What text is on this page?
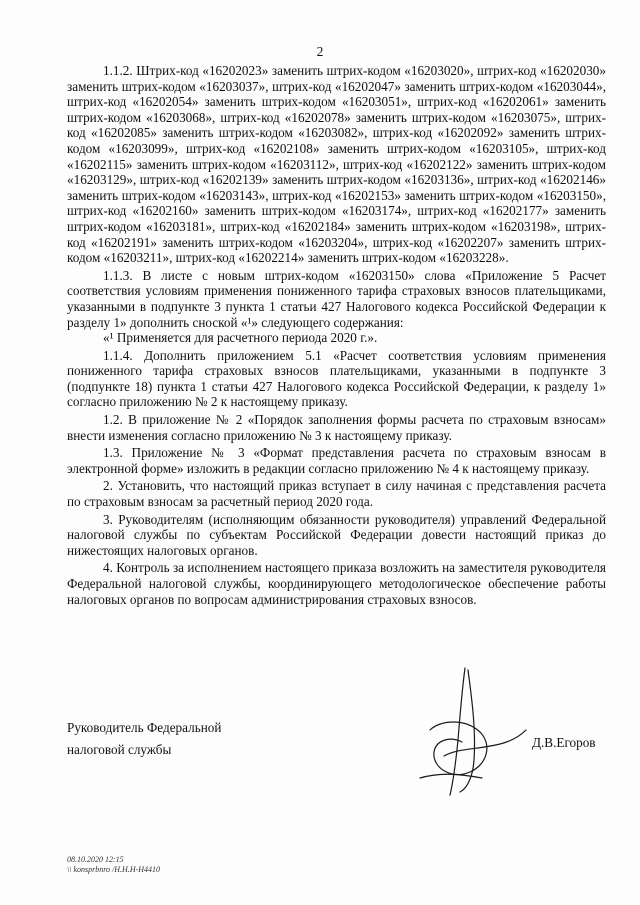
2

1.1.2. Штрих-код «16202023» заменить штрих-кодом «16203020», штрих-код «16202030» заменить штрих-кодом «16203037», штрих-код «16202047» заменить штрих-кодом «16203044», штрих-код «16202054» заменить штрих-кодом «16203051», штрих-код «16202061» заменить штрих-кодом «16203068», штрих-код «16202078» заменить штрих-кодом «16203075», штрих-код «16202085» заменить штрих-кодом «16203082», штрих-код «16202092» заменить штрих-кодом «16203099», штрих-код «16202108» заменить штрих-кодом «16203105», штрих-код «16202115» заменить штрих-кодом «16203112», штрих-код «16202122» заменить штрих-кодом «16203129», штрих-код «16202139» заменить штрих-кодом «16203136», штрих-код «16202146» заменить штрих-кодом «16203143», штрих-код «16202153» заменить штрих-кодом «16203150», штрих-код «16202160» заменить штрих-кодом «16203174», штрих-код «16202177» заменить штрих-кодом «16203181», штрих-код «16202184» заменить штрих-кодом «16203198», штрих-код «16202191» заменить штрих-кодом «16203204», штрих-код «16202207» заменить штрих-кодом «16203211», штрих-код «16202214» заменить штрих-кодом «16203228».

1.1.3. В листе с новым штрих-кодом «16203150» слова «Приложение 5 Расчет соответствия условиям применения пониженного тарифа страховых взносов плательщиками, указанными в подпункте 3 пункта 1 статьи 427 Налогового кодекса Российской Федерации к разделу 1» дополнить сноской «¹» следующего содержания:

«¹ Применяется для расчетного периода 2020 г.».

1.1.4. Дополнить приложением 5.1 «Расчет соответствия условиям применения пониженного тарифа страховых взносов плательщиками, указанными в подпункте 3 (подпункте 18) пункта 1 статьи 427 Налогового кодекса Российской Федерации, к разделу 1» согласно приложению № 2 к настоящему приказу.

1.2. В приложение № 2 «Порядок заполнения формы расчета по страховым взносам» внести изменения согласно приложению № 3 к настоящему приказу.

1.3. Приложение № 3 «Формат представления расчета по страховым взносам в электронной форме» изложить в редакции согласно приложению № 4 к настоящему приказу.

2. Установить, что настоящий приказ вступает в силу начиная с представления расчета по страховым взносам за расчетный период 2020 года.

3. Руководителям (исполняющим обязанности руководителя) управлений Федеральной налоговой службы по субъектам Российской Федерации довести настоящий приказ до нижестоящих налоговых органов.

4. Контроль за исполнением настоящего приказа возложить на заместителя руководителя Федеральной налоговой службы, координирующего методологическое обеспечение работы налоговых органов по вопросам администрирования страховых взносов.

Руководитель Федеральной
налоговой службы	Д.В.Егоров
08.10.2020 12:15
\\ konsprbnro /Н.Н.Н-Н4410
